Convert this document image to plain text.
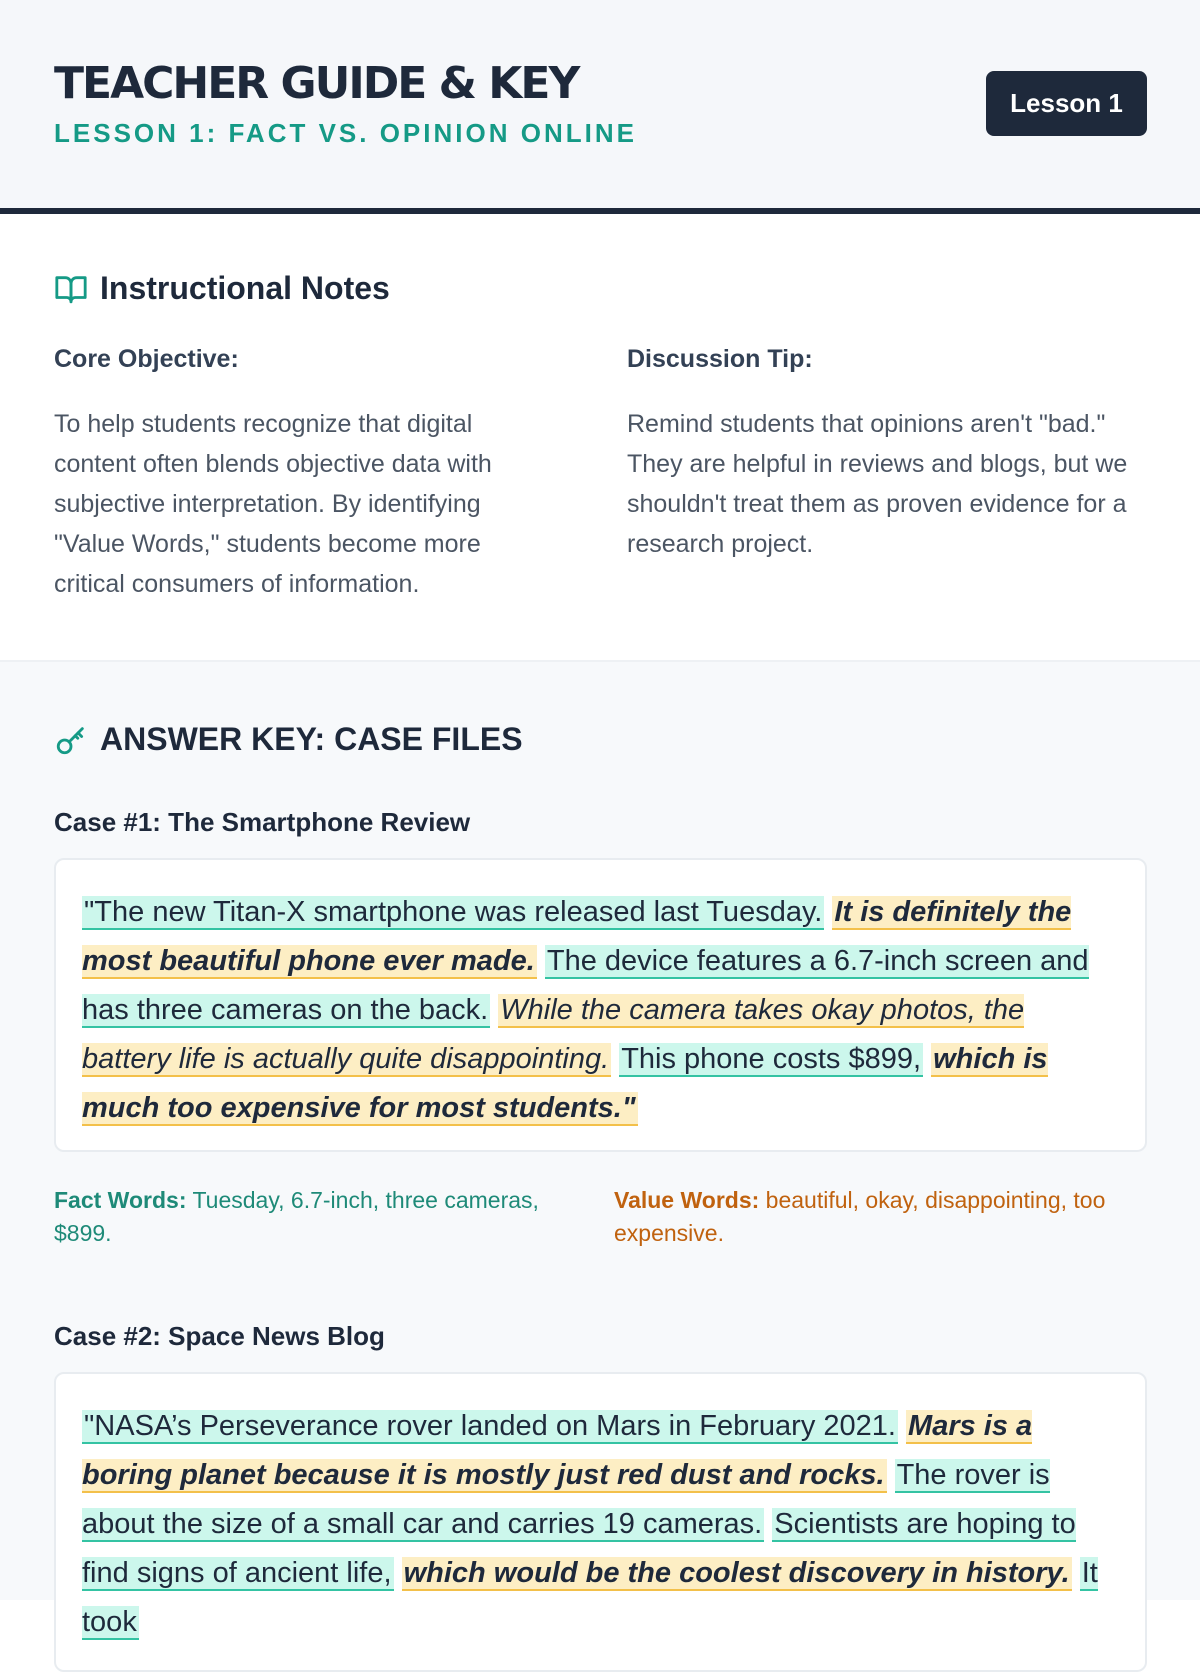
TEACHER GUIDE & KEY
LESSON 1: FACT VS. OPINION ONLINE
Lesson 1
Instructional Notes
Core Objective:
To help students recognize that digital content often blends objective data with subjective interpretation. By identifying "Value Words," students become more critical consumers of information.
Discussion Tip:
Remind students that opinions aren't "bad." They are helpful in reviews and blogs, but we shouldn't treat them as proven evidence for a research project.
ANSWER KEY: CASE FILES
Case #1: The Smartphone Review
"The new Titan-X smartphone was released last Tuesday. It is definitely the most beautiful phone ever made. The device features a 6.7-inch screen and has three cameras on the back. While the camera takes okay photos, the battery life is actually quite disappointing. This phone costs $899, which is much too expensive for most students."
Fact Words: Tuesday, 6.7-inch, three cameras, $899.
Value Words: beautiful, okay, disappointing, too expensive.
Case #2: Space News Blog
"NASA’s Perseverance rover landed on Mars in February 2021. Mars is a boring planet because it is mostly just red dust and rocks. The rover is about the size of a small car and carries 19 cameras. Scientists are hoping to find signs of ancient life, which would be the coolest discovery in history. It took
